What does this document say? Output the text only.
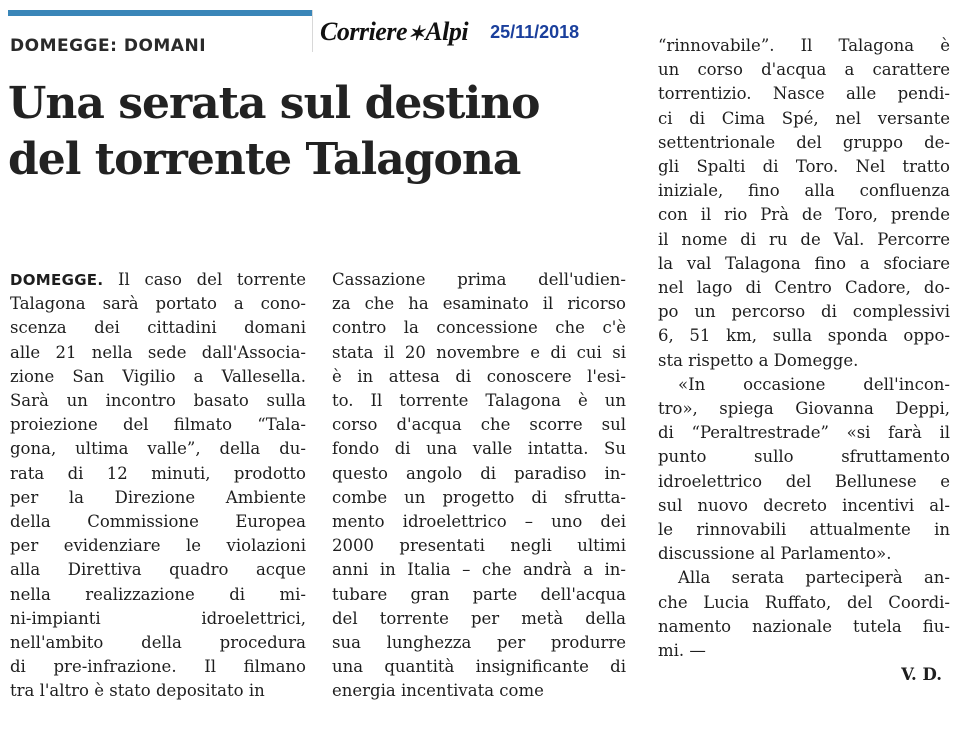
Corriere✶Alpi 25/11/2018
DOMEGGE: DOMANI
Una serata sul destino
del torrente Talagona
DOMEGGE. Il caso del torrente
Talagona sarà portato a cono-
scenza dei cittadini domani
alle 21 nella sede dall'Associa-
zione San Vigilio a Vallesella.
Sarà un incontro basato sulla
proiezione del filmato “Tala-
gona, ultima valle”, della du-
rata di 12 minuti, prodotto
per la Direzione Ambiente
della Commissione Europea
per evidenziare le violazioni
alla Direttiva quadro acque
nella realizzazione di mi-
ni-impianti idroelettrici,
nell'ambito della procedura
di pre-infrazione. Il filmano
tra l'altro è stato depositato in
Cassazione prima dell'udien-
za che ha esaminato il ricorso
contro la concessione che c'è
stata il 20 novembre e di cui si
è in attesa di conoscere l'esi-
to. Il torrente Talagona è un
corso d'acqua che scorre sul
fondo di una valle intatta. Su
questo angolo di paradiso in-
combe un progetto di sfrutta-
mento idroelettrico – uno dei
2000 presentati negli ultimi
anni in Italia – che andrà a in-
tubare gran parte dell'acqua
del torrente per metà della
sua lunghezza per produrre
una quantità insignificante di
energia incentivata come
“rinnovabile”. Il Talagona è
un corso d'acqua a carattere
torrentizio. Nasce alle pendi-
ci di Cima Spé, nel versante
settentrionale del gruppo de-
gli Spalti di Toro. Nel tratto
iniziale, fino alla confluenza
con il rio Prà de Toro, prende
il nome di ru de Val. Percorre
la val Talagona fino a sfociare
nel lago di Centro Cadore, do-
po un percorso di complessivi
6, 51 km, sulla sponda oppo-
sta rispetto a Domegge.
«In occasione dell'incon-
tro», spiega Giovanna Deppi,
di “Peraltrestrade” «si farà il
punto sullo sfruttamento
idroelettrico del Bellunese e
sul nuovo decreto incentivi al-
le rinnovabili attualmente in
discussione al Parlamento».
Alla serata parteciperà an-
che Lucia Ruffato, del Coordi-
namento nazionale tutela fiu-
mi. —
V. D.
